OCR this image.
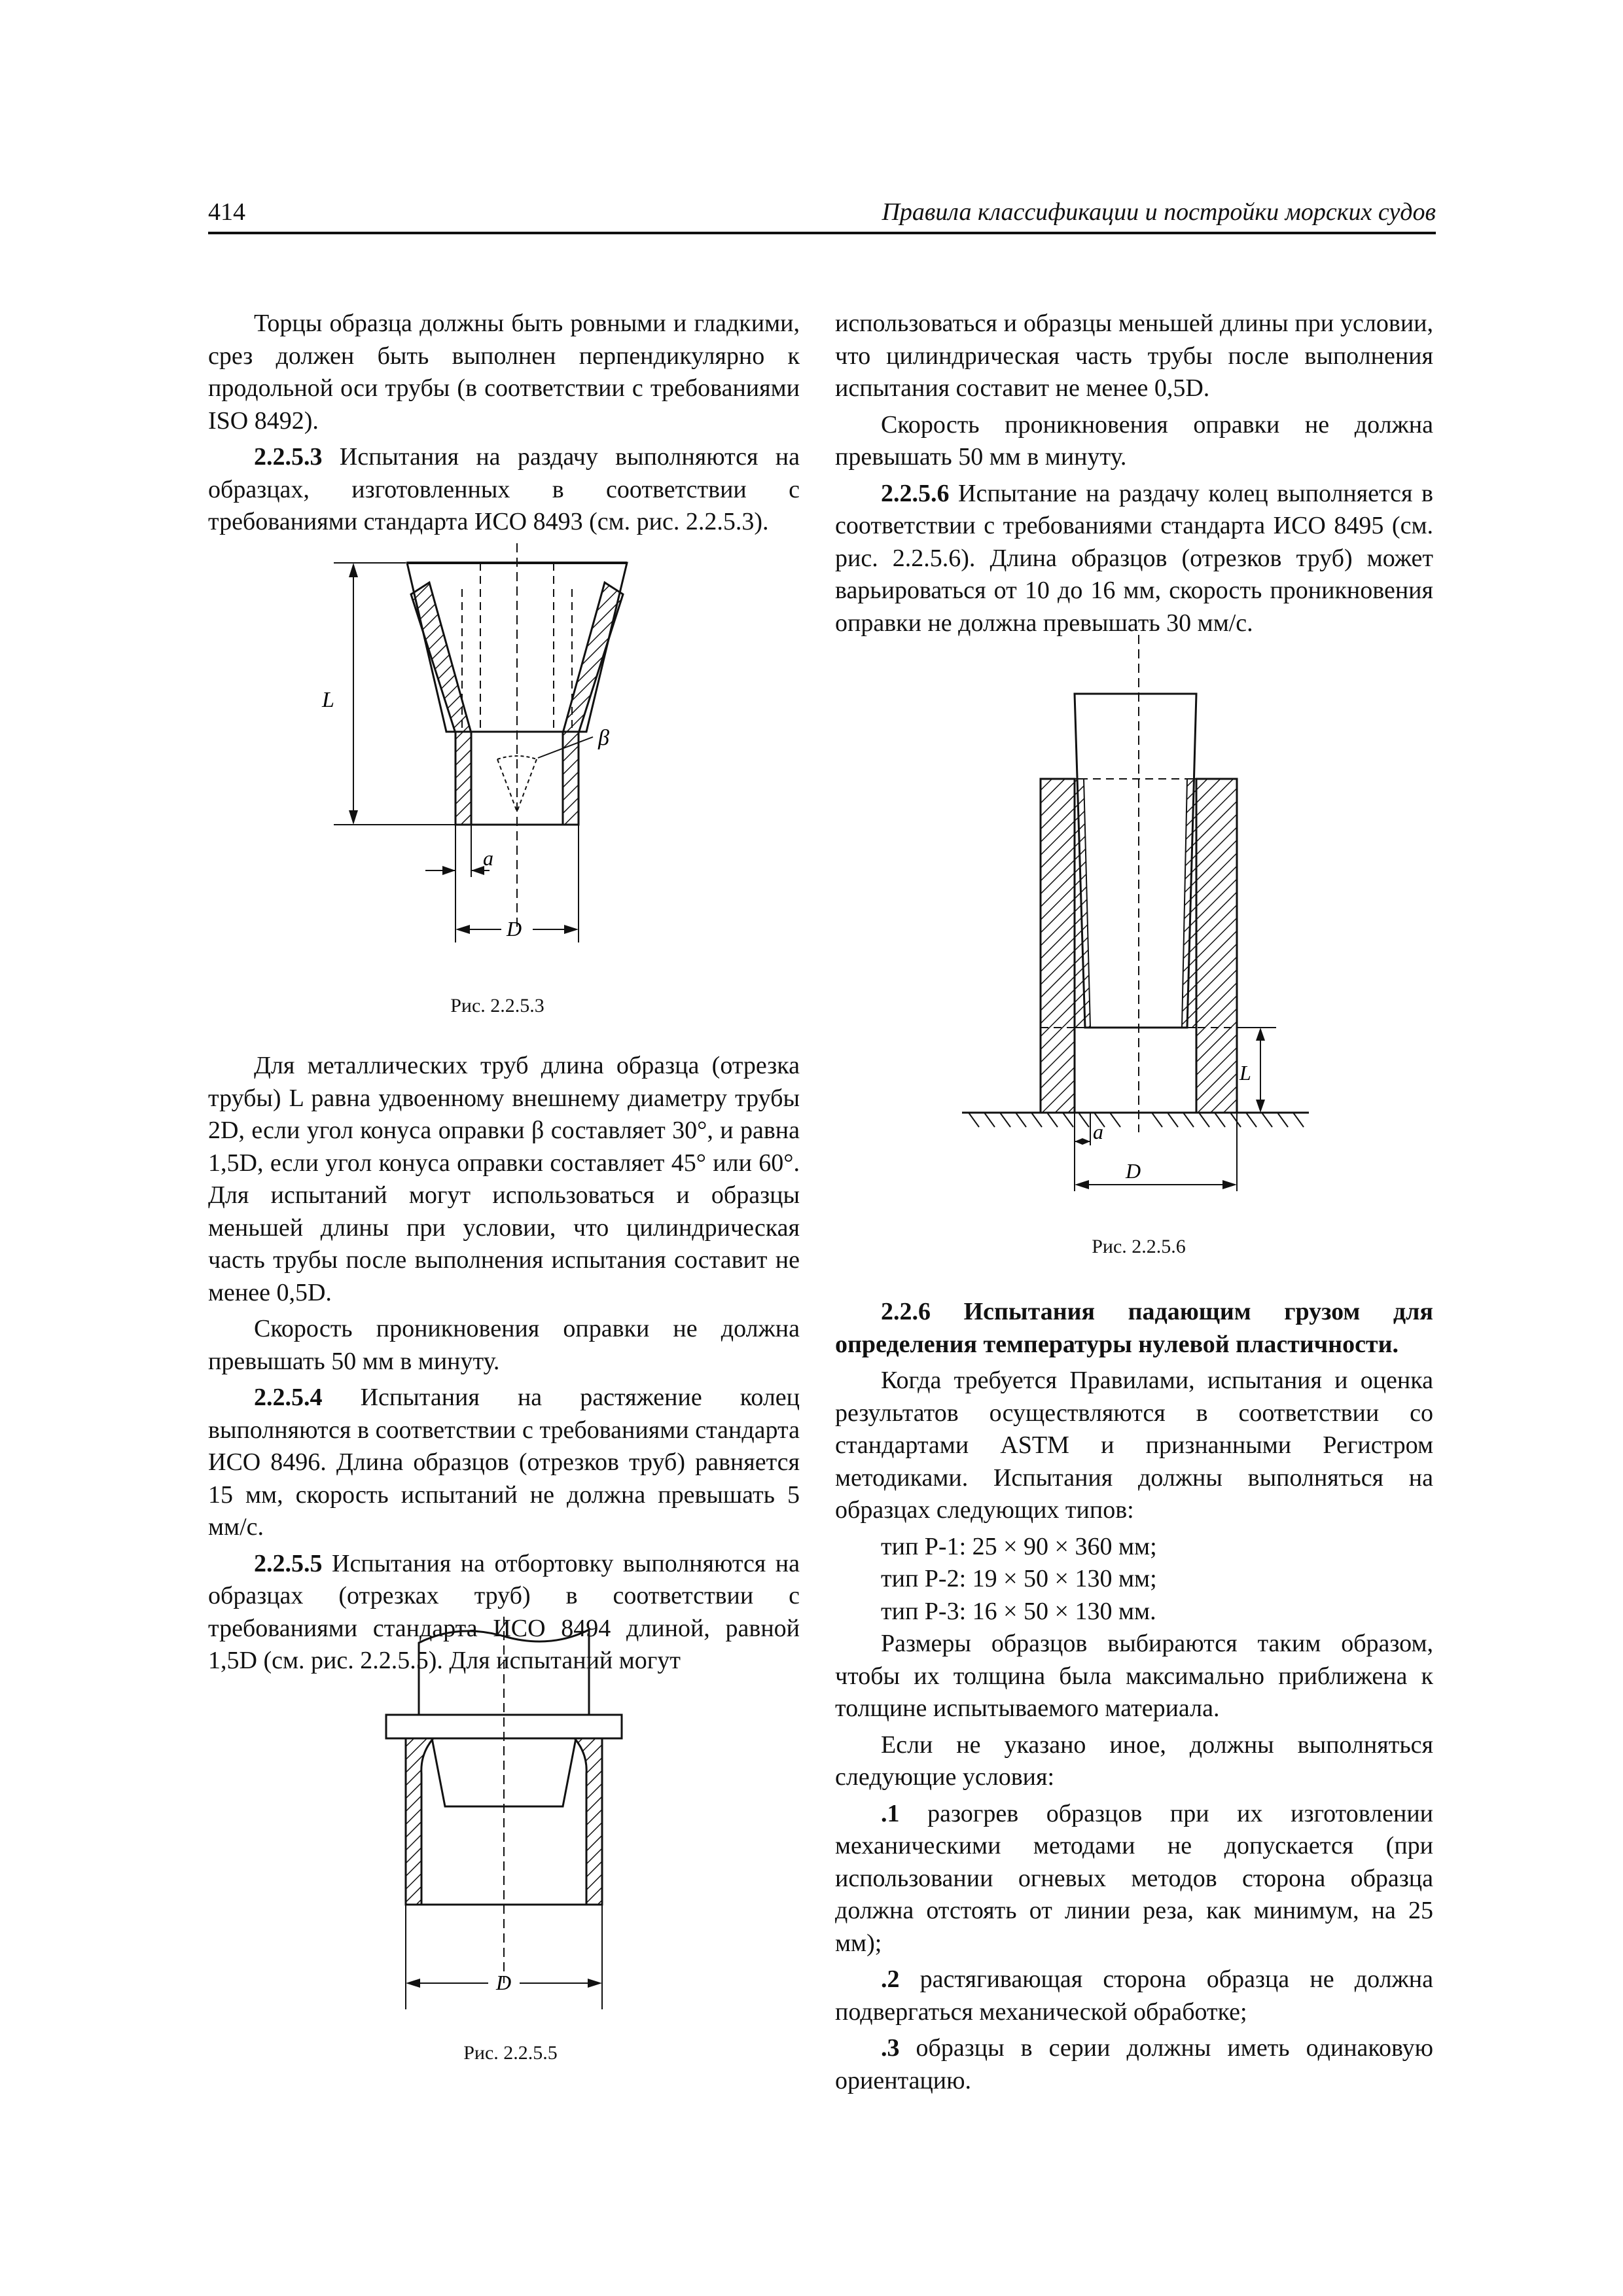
414	Правила классификации и постройки морских судов

Торцы образца должны быть ровными и гладкими, срез должен быть выполнен перпендикулярно к продольной оси трубы (в соответствии с требованиями ISO 8492).

2.2.5.3 Испытания на раздачу выполняются на образцах, изготовленных в соответствии с требованиями стандарта ИСО 8493 (см. рис. 2.2.5.3).

β
L
a
D
Рис. 2.2.5.3

Для металлических труб длина образца (отрезка трубы) L равна удвоенному внешнему диаметру трубы 2D, если угол конуса оправки β составляет 30°, и равна 1,5D, если угол конуса оправки составляет 45° или 60°. Для испытаний могут использоваться и образцы меньшей длины при условии, что цилиндрическая часть трубы после выполнения испытания составит не менее 0,5D.

Скорость проникновения оправки не должна превышать 50 мм в минуту.

2.2.5.4 Испытания на растяжение колец выполняются в соответствии с требованиями стандарта ИСО 8496. Длина образцов (отрезков труб) равняется 15 мм, скорость испытаний не должна превышать 5 мм/с.

2.2.5.5 Испытания на отбортовку выполняются на образцах (отрезках труб) в соответствии с требованиями стандарта ИСО 8494 длиной, равной 1,5D (см. рис. 2.2.5.5). Для испытаний могут

D
Рис. 2.2.5.5

использоваться и образцы меньшей длины при условии, что цилиндрическая часть трубы после выполнения испытания составит не менее 0,5D.

Скорость проникновения оправки не должна превышать 50 мм в минуту.

2.2.5.6 Испытание на раздачу колец выполняется в соответствии с требованиями стандарта ИСО 8495 (см. рис. 2.2.5.6). Длина образцов (отрезков труб) может варьироваться от 10 до 16 мм, скорость проникновения оправки не должна превышать 30 мм/с.

L
a
D
Рис. 2.2.5.6

2.2.6 Испытания падающим грузом для определения температуры нулевой пластичности.

Когда требуется Правилами, испытания и оценка результатов осуществляются в соответствии со стандартами ASTM и признанными Регистром методиками. Испытания должны выполняться на образцах следующих типов:

тип P-1: 25 × 90 × 360 мм;

тип P-2: 19 × 50 × 130 мм;

тип P-3: 16 × 50 × 130 мм.

Размеры образцов выбираются таким образом, чтобы их толщина была максимально приближена к толщине испытываемого материала.

Если не указано иное, должны выполняться следующие условия:

.1 разогрев образцов при их изготовлении механическими методами не допускается (при использовании огневых методов сторона образца должна отстоять от линии реза, как минимум, на 25 мм);

.2 растягивающая сторона образца не должна подвергаться механической обработке;

.3 образцы в серии должны иметь одинаковую ориентацию.
